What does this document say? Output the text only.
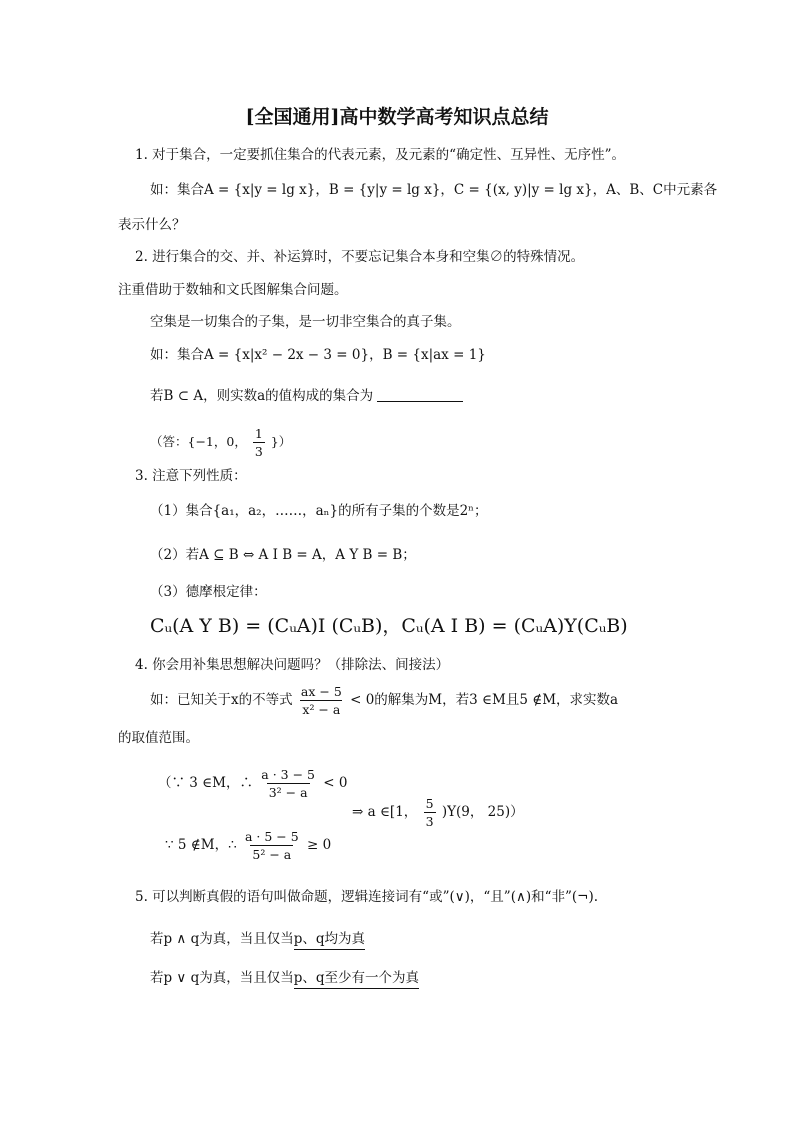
[全国通用]高中数学高考知识点总结
1. 对于集合，一定要抓住集合的代表元素，及元素的“确定性、互异性、无序性”。
如：集合A = {x|y = lg x}，B = {y|y = lg x}，C = {(x, y)|y = lg x}，A、B、C中元素各
表示什么？
2. 进行集合的交、并、补运算时，不要忘记集合本身和空集∅的特殊情况。
注重借助于数轴和文氏图解集合问题。
空集是一切集合的子集，是一切非空集合的真子集。
如：集合A = {x|x² − 2x − 3 = 0}，B = {x|ax = 1}
若B ⊂ A，则实数a的值构成的集合为
（答：{−1，0， $\frac{1}{3}$ }）
3. 注意下列性质：
（1）集合{a₁，a₂，……，aₙ}的所有子集的个数是2ⁿ；
（2）若A ⊆ B ⇔ A I B = A，A Y B = B；
（3）德摩根定律：
Cᵤ(A Y B) = (CᵤA)I (CᵤB)，Cᵤ(A I B) = (CᵤA)Y(CᵤB)
4. 你会用补集思想解决问题吗？（排除法、间接法）
如：已知关于x的不等式 $\frac{ax - 5}{\text{x² − a}} < 0$的解集为M，若3 ∈M且5 ∉M，求实数a
的取值范围。
（∵ 3 ∈M，∴ $\frac{a \cdot 3 - 5}{\text{3² − a}} < 0$
∵ 5 ∉M，∴ $\frac{a \cdot 5 - 5}{\text{5² − a}} \ge 0$
⇒ a ∈[1， $\frac{5}{3} )Y(9$， 25)）
5. 可以判断真假的语句叫做命题，逻辑连接词有“或”(∨)，“且”(∧)和“非”(¬).
若p ∧ q为真，当且仅当p、q均为真
若p ∨ q为真，当且仅当p、q至少有一个为真
